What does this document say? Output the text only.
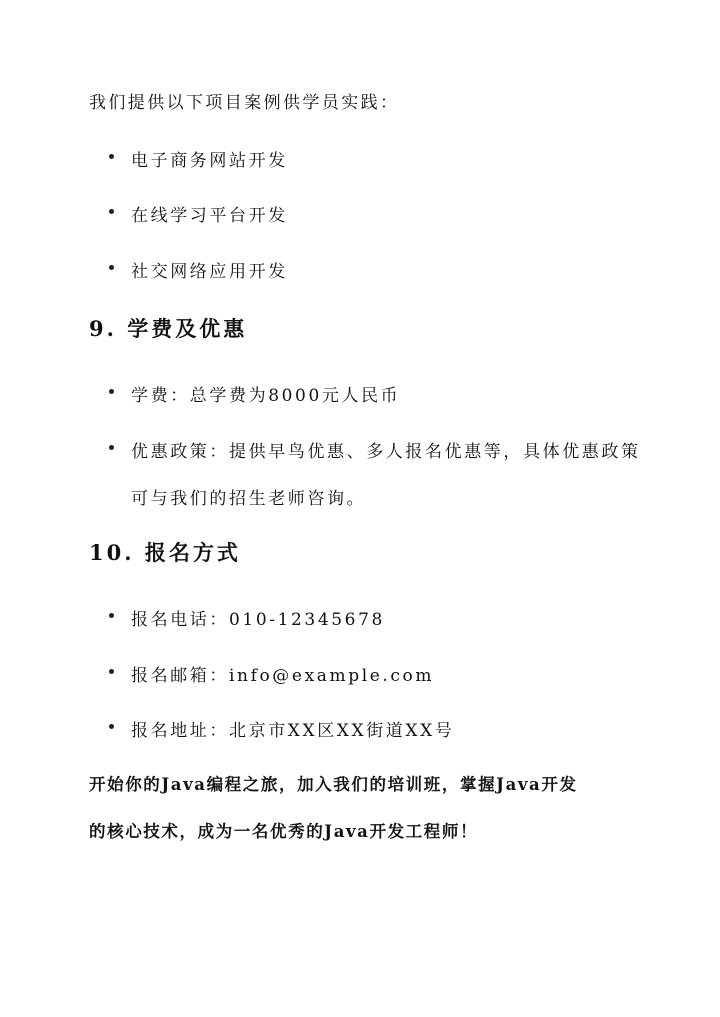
我们提供以下项目案例供学员实践：
电子商务网站开发
在线学习平台开发
社交网络应用开发
9. 学费及优惠
学费：总学费为8000元人民币
优惠政策：提供早鸟优惠、多人报名优惠等，具体优惠政策
可与我们的招生老师咨询。
10. 报名方式
报名电话：010-12345678
报名邮箱：info@example.com
报名地址：北京市XX区XX街道XX号
开始你的Java编程之旅，加入我们的培训班，掌握Java开发
的核心技术，成为一名优秀的Java开发工程师！
